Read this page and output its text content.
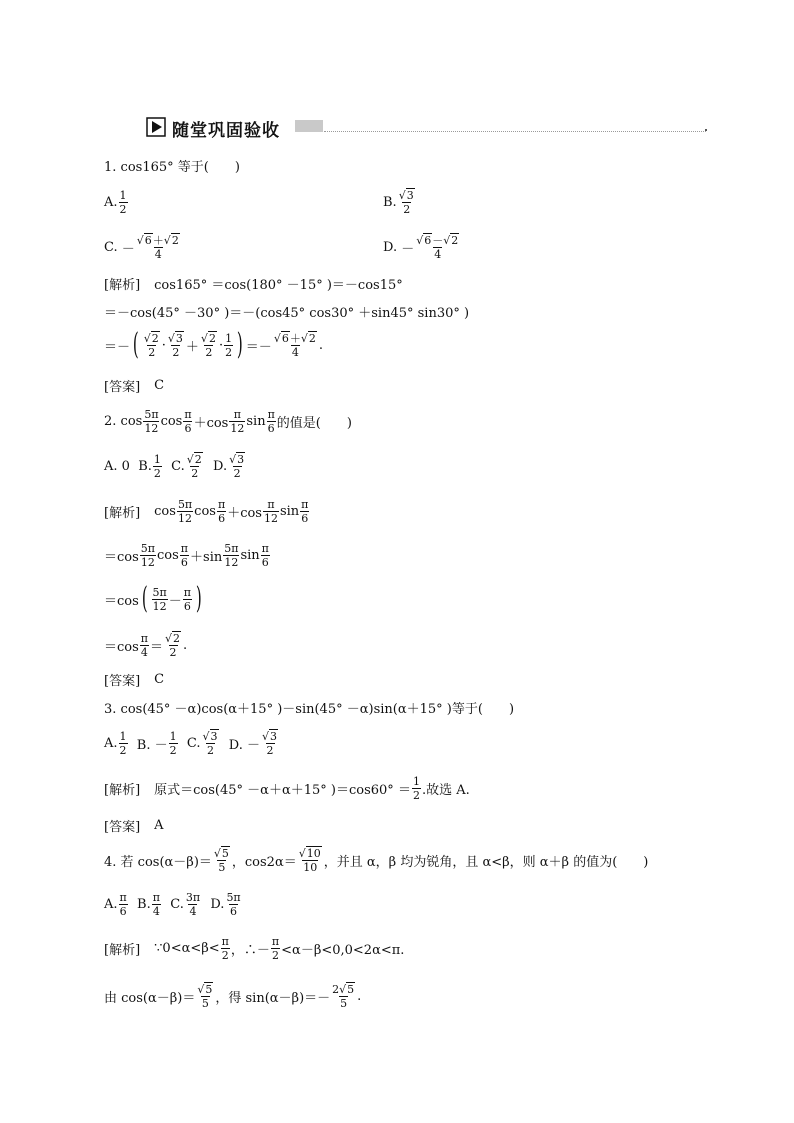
随堂巩固验收
1. cos165° 等于(　　)
A. $\frac{1}{2}$	B. $\frac{√3}{2}$
C.
－ $\frac{√6+√2}{4}$	D.
－ $\frac{√6-√2}{4}$
[解析] cos165° ＝cos(180° －15° )＝－cos15°
＝－cos(45° －30° )＝－(cos45° cos30° ＋sin45° sin30° )
＝－ ( $\frac{√2}{2} \cdot \frac{√3}{2} + \frac{√2}{2} \cdot \frac{1}{2}$ ) ＝－ $\frac{√6+√2}{4}$ .
[答案] C
2. $\cos \frac{5\pi}{12}$ $\cos \frac{\pi}{6} +\cos \frac{\pi}{12}$ $\sin \frac{\pi}{6}$ 的值是(　　)
A. 0 B. $\frac{1}{2} C$. $\frac{√2}{2} D$. $\frac{√3}{2}$
[解析] $\cos \frac{5\pi}{12}$ $\cos \frac{\pi}{6} +\cos \frac{\pi}{12}$ $\sin \frac{\pi}{6}$
$=\cos \frac{5\pi}{12}$ $\cos \frac{\pi}{6} +\sin \frac{5\pi}{12}$ $\sin \frac{\pi}{6}$
＝cos ( $\frac{5\pi}{12} - \frac{\pi}{6}$ )
$=\cos \frac{\pi}{4} = \frac{√2}{2}$ .
[答案] C
3. cos(45° －α)cos(α＋15° )－sin(45° －α)sin(α＋15° )等于(　　)
A. $\frac{1}{2} B$. － $\frac{1}{2} C$. $\frac{√3}{2} D$. － $\frac{√3}{2}$
[解析] 原式＝cos(45° －α＋α＋15° )$=\cos 60^\circ = \frac{1}{2}$ .故选 A.
[答案] A
4. 若 $\cos(\alpha-\beta)= \frac{√5}{5}$ ，$\cos 2\alpha= \frac{√10}{10}$ ，并且 α，β 均为锐角，且 α<β，则 α＋β 的值为(　　)
A. $\frac{\pi}{6} B$. $\frac{\pi}{4} C$. $\frac{3\pi}{4} D$. $\frac{5\pi}{6}$
[解析] ∵0<α<β< $\frac{\pi}{2}$ ，∴－ $\frac{\pi}{2} <\alpha-\beta<0,0<2\alpha<\pi$.
由 $\cos(\alpha-\beta)= \frac{√5}{5}$ ，得 $\sin(\alpha-\beta)=- \frac{2√5}{5}$ .
